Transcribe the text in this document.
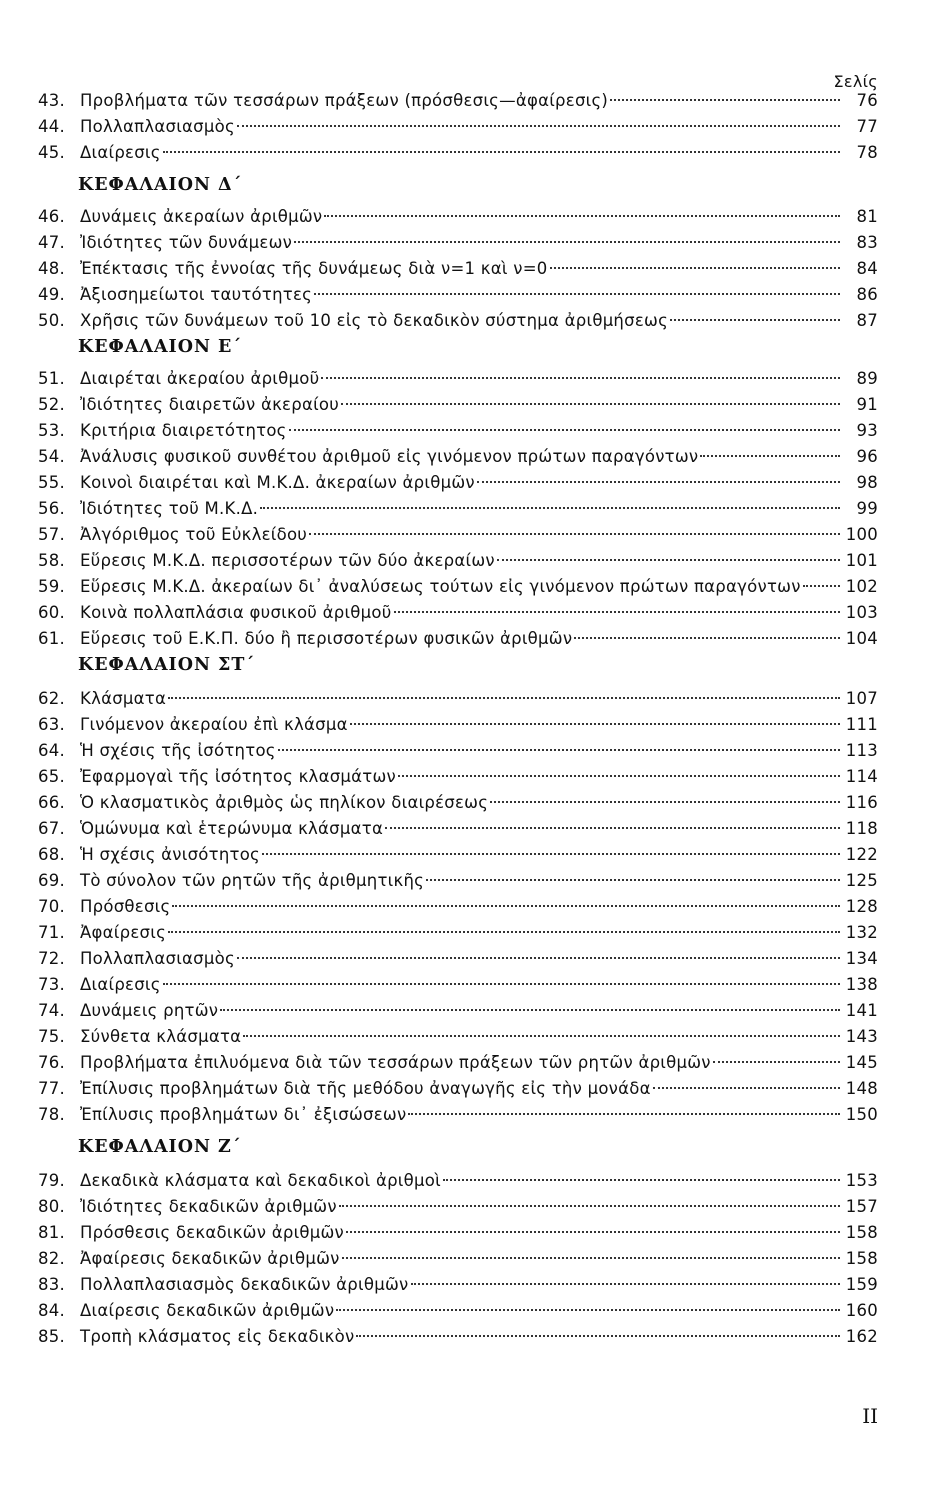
Σελίς
43. Προβλήματα τῶν τεσσάρων πράξεων (πρόσθεσις—ἀφαίρεσις)	76
44. Πολλαπλασιασμὸς	77
45. Διαίρεσις	78
ΚΕΦΑΛΑΙΟΝ Δ΄
46. Δυνάμεις ἀκεραίων ἀριθμῶν	81
47. Ἰδιότητες τῶν δυνάμεων	83
48. Ἐπέκτασις τῆς ἐννοίας τῆς δυνάμεως διὰ ν=1 καὶ ν=0	84
49. Ἀξιοσημείωτοι ταυτότητες	86
50. Χρῆσις τῶν δυνάμεων τοῦ 10 εἰς τὸ δεκαδικὸν σύστημα ἀριθμήσεως	87
ΚΕΦΑΛΑΙΟΝ Ε΄
51. Διαιρέται ἀκεραίου ἀριθμοῦ	89
52. Ἰδιότητες διαιρετῶν ἀκεραίου	91
53. Κριτήρια διαιρετότητος	93
54. Ἀνάλυσις φυσικοῦ συνθέτου ἀριθμοῦ εἰς γινόμενον πρώτων παραγόντων	96
55. Κοινοὶ διαιρέται καὶ Μ.Κ.Δ. ἀκεραίων ἀριθμῶν	98
56. Ἰδιότητες τοῦ Μ.Κ.Δ.	99
57. Ἀλγόριθμος τοῦ Εὐκλείδου	100
58. Εὕρεσις Μ.Κ.Δ. περισσοτέρων τῶν δύο ἀκεραίων	101
59. Εὕρεσις Μ.Κ.Δ. ἀκεραίων δι᾿ ἀναλύσεως τούτων εἰς γινόμενον πρώτων παραγόντων	102
60. Κοινὰ πολλαπλάσια φυσικοῦ ἀριθμοῦ	103
61. Εὕρεσις τοῦ Ε.Κ.Π. δύο ἢ περισσοτέρων φυσικῶν ἀριθμῶν	104
ΚΕΦΑΛΑΙΟΝ ΣΤ΄
62. Κλάσματα	107
63. Γινόμενον ἀκεραίου ἐπὶ κλάσμα	111
64. Ἡ σχέσις τῆς ἰσότητος	113
65. Ἐφαρμογαὶ τῆς ἰσότητος κλασμάτων	114
66. Ὁ κλασματικὸς ἀριθμὸς ὡς πηλίκον διαιρέσεως	116
67. Ὁμώνυμα καὶ ἑτερώνυμα κλάσματα	118
68. Ἡ σχέσις ἀνισότητος	122
69. Τὸ σύνολον τῶν ρητῶν τῆς ἀριθμητικῆς	125
70. Πρόσθεσις	128
71. Ἀφαίρεσις	132
72. Πολλαπλασιασμὸς	134
73. Διαίρεσις	138
74. Δυνάμεις ρητῶν	141
75. Σύνθετα κλάσματα	143
76. Προβλήματα ἐπιλυόμενα διὰ τῶν τεσσάρων πράξεων τῶν ρητῶν ἀριθμῶν	145
77. Ἐπίλυσις προβλημάτων διὰ τῆς μεθόδου ἀναγωγῆς εἰς τὴν μονάδα	148
78. Ἐπίλυσις προβλημάτων δι᾿ ἐξισώσεων	150
ΚΕΦΑΛΑΙΟΝ Ζ΄
79. Δεκαδικὰ κλάσματα καὶ δεκαδικοὶ ἀριθμοὶ	153
80. Ἰδιότητες δεκαδικῶν ἀριθμῶν	157
81. Πρόσθεσις δεκαδικῶν ἀριθμῶν	158
82. Ἀφαίρεσις δεκαδικῶν ἀριθμῶν	158
83. Πολλαπλασιασμὸς δεκαδικῶν ἀριθμῶν	159
84. Διαίρεσις δεκαδικῶν ἀριθμῶν	160
85. Τροπὴ κλάσματος εἰς δεκαδικὸν	162
II
